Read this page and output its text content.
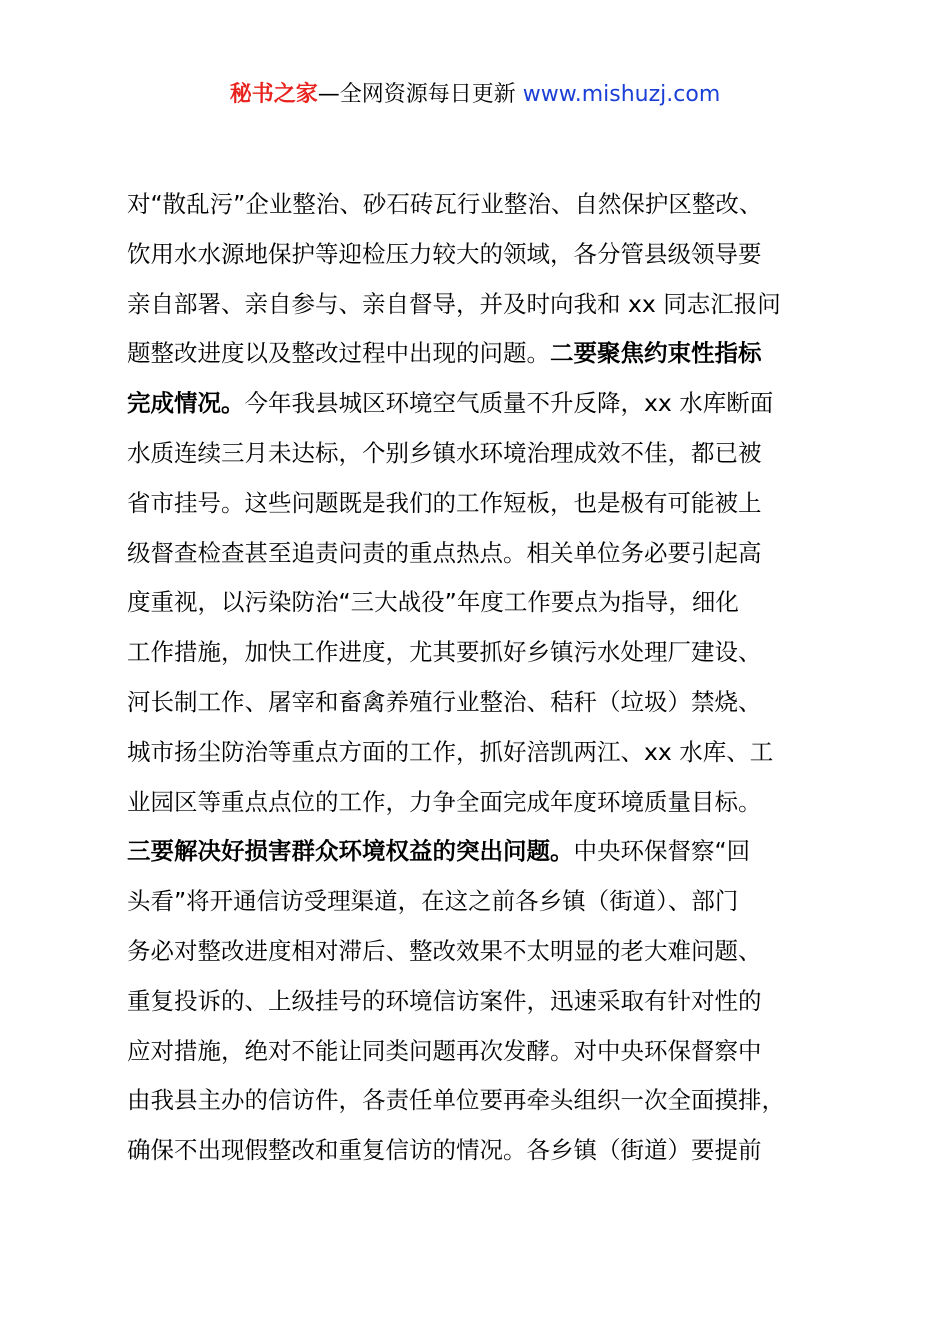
秘书之家—全网资源每日更新 www.mishuzj.com
对“散乱污”企业整治、砂石砖瓦行业整治、自然保护区整改、
饮用水水源地保护等迎检压力较大的领域，各分管县级领导要
亲自部署、亲自参与、亲自督导，并及时向我和 xx 同志汇报问
题整改进度以及整改过程中出现的问题。二要聚焦约束性指标
完成情况。今年我县城区环境空气质量不升反降，xx 水库断面
水质连续三月未达标，个别乡镇水环境治理成效不佳，都已被
省市挂号。这些问题既是我们的工作短板，也是极有可能被上
级督查检查甚至追责问责的重点热点。相关单位务必要引起高
度重视，以污染防治“三大战役”年度工作要点为指导，细化
工作措施，加快工作进度，尤其要抓好乡镇污水处理厂建设、
河长制工作、屠宰和畜禽养殖行业整治、秸秆（垃圾）禁烧、
城市扬尘防治等重点方面的工作，抓好涪凯两江、xx 水库、工
业园区等重点点位的工作，力争全面完成年度环境质量目标。
三要解决好损害群众环境权益的突出问题。中央环保督察“回
头看”将开通信访受理渠道，在这之前各乡镇（街道）、部门
务必对整改进度相对滞后、整改效果不太明显的老大难问题、
重复投诉的、上级挂号的环境信访案件，迅速采取有针对性的
应对措施，绝对不能让同类问题再次发酵。对中央环保督察中
由我县主办的信访件，各责任单位要再牵头组织一次全面摸排，
确保不出现假整改和重复信访的情况。各乡镇（街道）要提前
